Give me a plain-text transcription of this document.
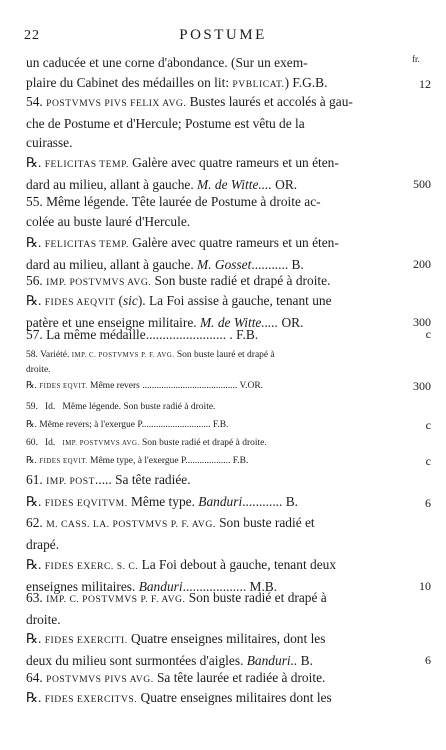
22	POSTUME
fr.
un caducée et une corne d'abondance. (Sur un exem-
plaire du Cabinet des médailles on lit: PVBLICAT.) F.G.B.	12
54. POSTVMVS PIVS FELIX AVG. Bustes laurés et accolés à gau-
che de Postume et d'Hercule; Postume est vêtu de la
cuirasse.
℞. FELICITAS TEMP. Galère avec quatre rameurs et un éten-
dard au milieu, allant à gauche. M. de Witte.... OR.	500
55. Même légende. Tête laurée de Postume à droite ac-
colée au buste lauré d'Hercule.
℞. FELICITAS TEMP. Galère avec quatre rameurs et un éten-
dard au milieu, allant à gauche. M. Gosset........... B.	200
56. IMP. POSTVMVS AVG. Son buste radié et drapé à droite.
℞. FIDES AEQVIT (sic). La Foi assise à gauche, tenant une
patère et une enseigne militaire. M. de Witte..... OR.	300
57. La même médaille........................ . F.B.	c
58. Variété. IMP. C. POSTVMVS P. F. AVG. Son buste lauré et drapé à
droite.
℞. FIDES EQVIT. Même revers ........................................ V.OR.	300
59.   Id.   Même légende. Son buste radié à droite.
℞. Même revers; à l'exergue P............................. F.B.	c
60.   Id.   IMP. POSTVMVS AVG. Son buste radié et drapé à droite.
℞. FIDES EQVIT. Même type, à l'exergue P................... F.B.	c
61. IMP. POST..... Sa tête radiée.
℞. FIDES EQVITVM. Même type. Banduri............ B.	6
62. M. CASS. LA. POSTVMVS P. F. AVG. Son buste radié et
drapé.
℞. FIDES EXERC. S. C. La Foi debout à gauche, tenant deux
enseignes militaires. Banduri................... M.B.	10
63. IMP. C. POSTVMVS P. F. AVG. Son buste radié et drapé à
droite.
℞. FIDES EXERCITI. Quatre enseignes militaires, dont les
deux du milieu sont surmontées d'aigles. Banduri.. B.	6
64. POSTVMVS PIVS AVG. Sa tête laurée et radiée à droite.
℞. FIDES EXERCITVS. Quatre enseignes militaires dont les
